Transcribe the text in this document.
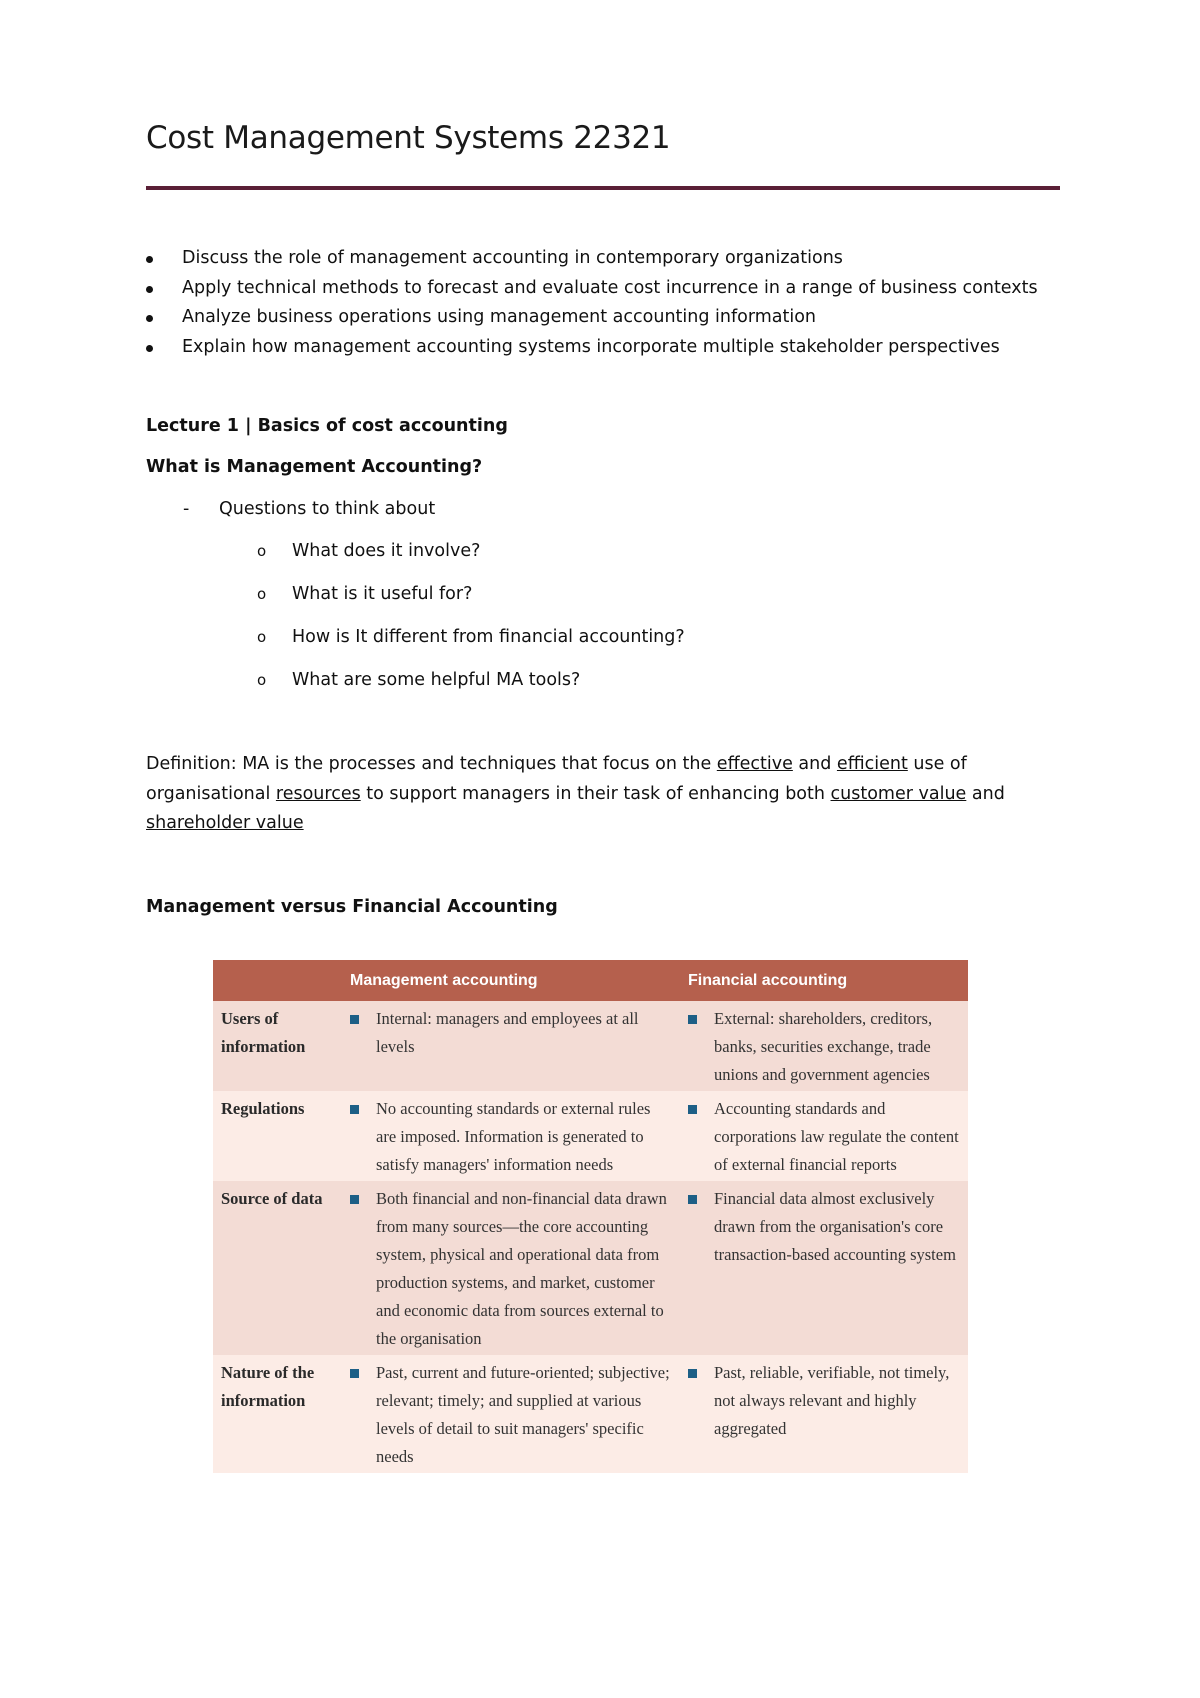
Cost Management Systems 22321
Discuss the role of management accounting in contemporary organizations
Apply technical methods to forecast and evaluate cost incurrence in a range of business contexts
Analyze business operations using management accounting information
Explain how management accounting systems incorporate multiple stakeholder perspectives
Lecture 1 | Basics of cost accounting
What is Management Accounting?
- Questions to think about
o What does it involve?
o What is it useful for?
o How is It different from financial accounting?
o What are some helpful MA tools?

Definition: MA is the processes and techniques that focus on the effective and efficient use of organisational resources to support managers in their task of enhancing both customer value and shareholder value

Management versus Financial Accounting
	Management accounting	Financial accounting
Users of information	Internal: managers and employees at all levels	External: shareholders, creditors, banks, securities exchange, trade unions and government agencies

Regulations	No accounting standards or external rules are imposed. Information is generated to satisfy managers' information needs	Accounting standards and corporations law regulate the content of external financial reports

Source of data	Both financial and non-financial data drawn from many sources—the core accounting system, physical and operational data from production systems, and market, customer and economic data from sources external to the organisation	Financial data almost exclusively drawn from the organisation's core transaction-based accounting system

Nature of the information	Past, current and future-oriented; subjective; relevant; timely; and supplied at various levels of detail to suit managers' specific needs	Past, reliable, verifiable, not timely, not always relevant and highly aggregated
